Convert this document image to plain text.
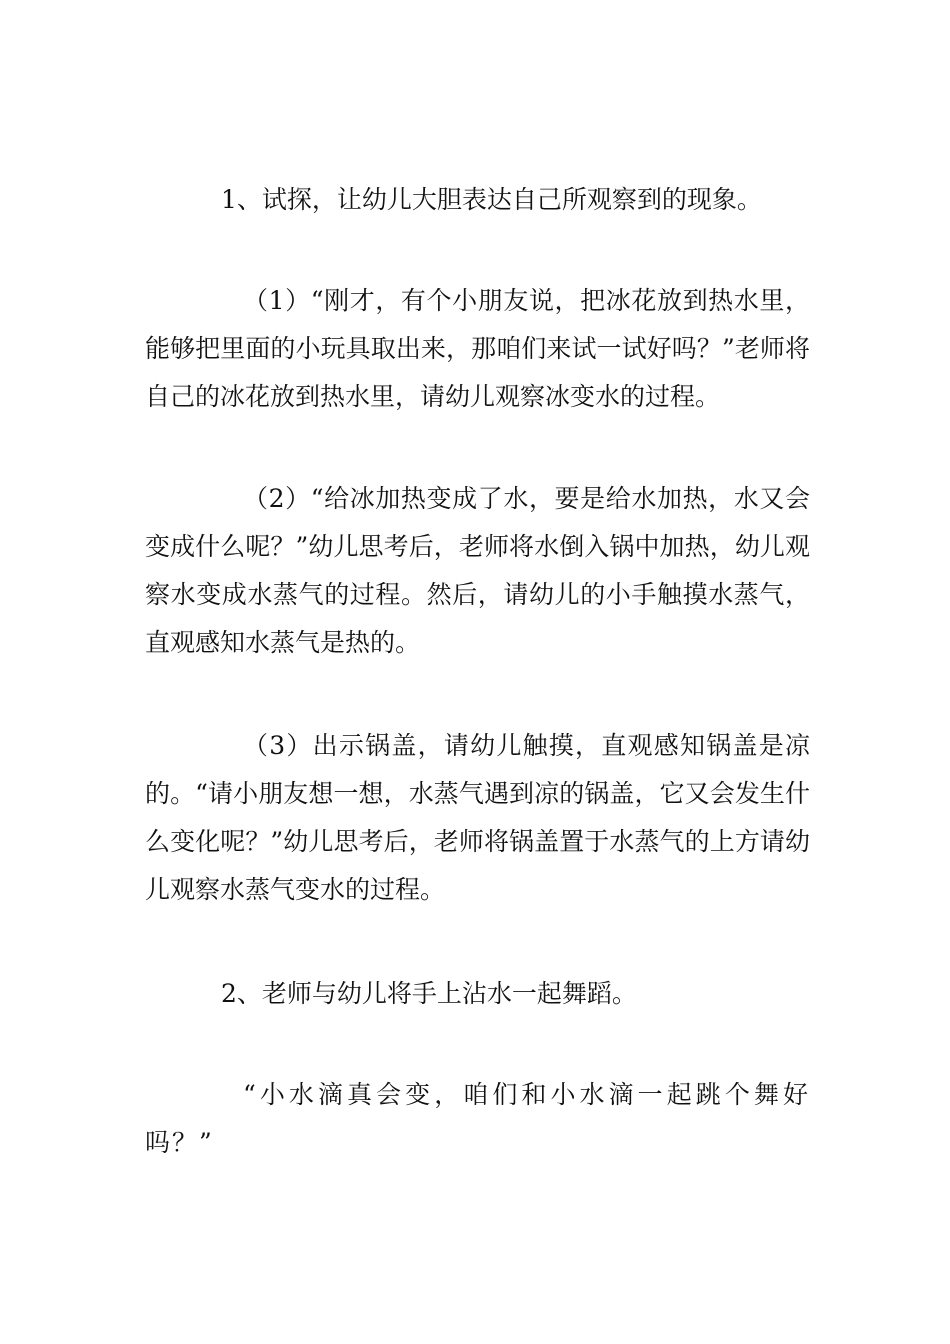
1、试探，让幼儿大胆表达自己所观察到的现象。

（1）“刚才，有个小朋友说，把冰花放到热水里，能够把里面的小玩具取出来，那咱们来试一试好吗？”老师将自己的冰花放到热水里，请幼儿观察冰变水的过程。

（2）“给冰加热变成了水，要是给水加热，水又会变成什么呢？”幼儿思考后，老师将水倒入锅中加热，幼儿观察水变成水蒸气的过程。然后，请幼儿的小手触摸水蒸气，直观感知水蒸气是热的。

（3）出示锅盖，请幼儿触摸，直观感知锅盖是凉的。“请小朋友想一想，水蒸气遇到凉的锅盖，它又会发生什么变化呢？”幼儿思考后，老师将锅盖置于水蒸气的上方请幼儿观察水蒸气变水的过程。

2、老师与幼儿将手上沾水一起舞蹈。

“小水滴真会变，咱们和小水滴一起跳个舞好吗？”
